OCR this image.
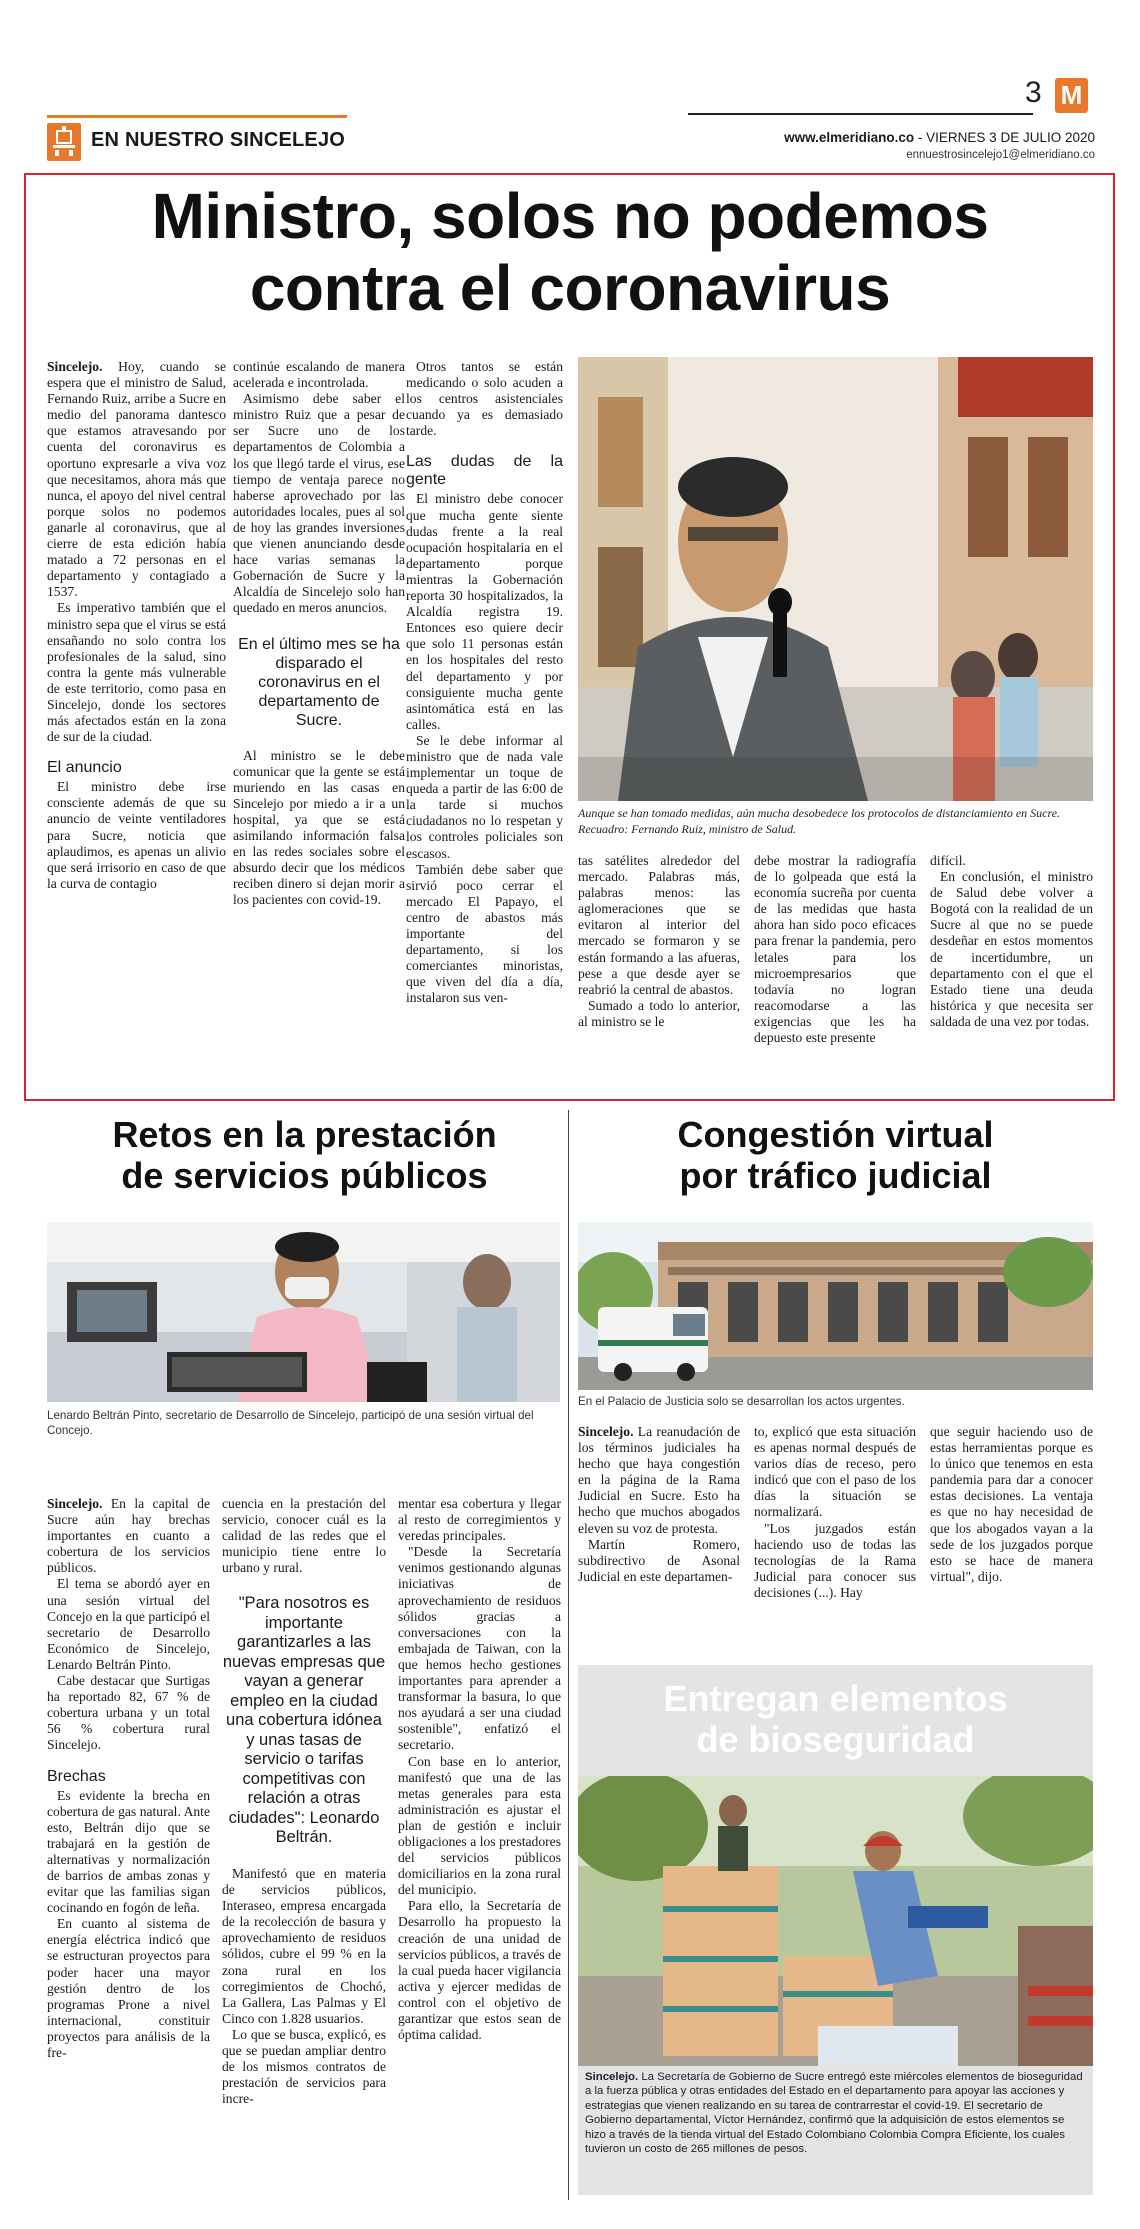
EN NUESTRO SINCELEJO
3 M
www.elmeridiano.co - VIERNES 3 DE JULIO 2020
ennuestrosincelejo1@elmeridiano.co
Ministro, solos no podemos
contra el coronavirus
Aunque se han tomado medidas, aún mucha desobedece los protocolos de distanciamiento en Sucre. Recuadro: Fernando Ruiz, ministro de Salud.

Sincelejo. Hoy, cuando se espera que el ministro de Salud, Fernando Ruiz, arribe a Sucre en medio del panorama dantesco que estamos atravesando por cuenta del coronavirus es oportuno expresarle a viva voz que necesitamos, ahora más que nunca, el apoyo del nivel central porque solos no podemos ganarle al coronavirus, que al cierre de esta edición había matado a 72 personas en el departamento y contagiado a 1537.

Es imperativo también que el ministro sepa que el virus se está ensañando no solo contra los profesionales de la salud, sino contra la gente más vulnerable de este territorio, como pasa en Sincelejo, donde los sectores más afectados están en la zona de sur de la ciudad.

El anuncio

El ministro debe irse consciente además de que su anuncio de veinte ventiladores para Sucre, noticia que aplaudimos, es apenas un alivio que será irrisorio en caso de que la curva de contagio

continúe escalando de manera acelerada e incontrolada.

Asimismo debe saber el ministro Ruiz que a pesar de ser Sucre uno de los departamentos de Colombia a los que llegó tarde el virus, ese tiempo de ventaja parece no haberse aprovechado por las autoridades locales, pues al sol de hoy las grandes inversiones que vienen anunciando desde hace varias semanas la Gobernación de Sucre y la Alcaldía de Sincelejo solo han quedado en meros anuncios.

En el último mes se ha disparado el coronavirus en el departamento de Sucre.

Al ministro se le debe comunicar que la gente se está muriendo en las casas en Sincelejo por miedo a ir a un hospital, ya que se está asimilando información falsa en las redes sociales sobre el absurdo decir que los médicos reciben dinero si dejan morir a los pacientes con covid-19.

Otros tantos se están medicando o solo acuden a los centros asistenciales cuando ya es demasiado tarde.

Las dudas de la gente

El ministro debe conocer que mucha gente siente dudas frente a la real ocupación hospitalaria en el departamento porque mientras la Gobernación reporta 30 hospitalizados, la Alcaldía registra 19. Entonces eso quiere decir que solo 11 personas están en los hospitales del resto del departamento y por consiguiente mucha gente asintomática está en las calles.

Se le debe informar al ministro que de nada vale implementar un toque de queda a partir de las 6:00 de la tarde si muchos ciudadanos no lo respetan y los controles policiales son escasos.

También debe saber que sirvió poco cerrar el mercado El Papayo, el centro de abastos más importante del departamento, si los comerciantes minoristas, que viven del día a día, instalaron sus ven-

tas satélites alrededor del mercado. Palabras más, palabras menos: las aglomeraciones que se evitaron al interior del mercado se formaron y se están formando a las afueras, pese a que desde ayer se reabrió la central de abastos.

Sumado a todo lo anterior, al ministro se le

debe mostrar la radiografía de lo golpeada que está la economía sucreña por cuenta de las medidas que hasta ahora han sido poco eficaces para frenar la pandemia, pero letales para los microempresarios que todavía no logran reacomodarse a las exigencias que les ha depuesto este presente

difícil.

En conclusión, el ministro de Salud debe volver a Bogotá con la realidad de un Sucre al que no se puede desdeñar en estos momentos de incertidumbre, un departamento con el que el Estado tiene una deuda histórica y que necesita ser saldada de una vez por todas.

Retos en la prestación
de servicios públicos
Lenardo Beltrán Pinto, secretario de Desarrollo de Sincelejo, participó de una sesión virtual del Concejo.

Sincelejo. En la capital de Sucre aún hay brechas importantes en cuanto a cobertura de los servicios públicos.

El tema se abordó ayer en una sesión virtual del Concejo en la que participó el secretario de Desarrollo Económico de Sincelejo, Lenardo Beltrán Pinto.

Cabe destacar que Surtigas ha reportado 82, 67 % de cobertura urbana y un total 56 % cobertura rural Sincelejo.

Brechas

Es evidente la brecha en cobertura de gas natural. Ante esto, Beltrán dijo que se trabajará en la gestión de alternativas y normalización de barrios de ambas zonas y evitar que las familias sigan cocinando en fogón de leña.

En cuanto al sistema de energía eléctrica indicó que se estructuran proyectos para poder hacer una mayor gestión dentro de los programas Prone a nivel internacional, constituir proyectos para análisis de la fre-

cuencia en la prestación del servicio, conocer cuál es la calidad de las redes que el municipio tiene entre lo urbano y rural.

"Para nosotros es importante garantizarles a las nuevas empresas que vayan a generar empleo en la ciudad una cobertura idónea y unas tasas de servicio o tarifas competitivas con relación a otras ciudades": Leonardo Beltrán.

Manifestó que en materia de servicios públicos, Interaseo, empresa encargada de la recolección de basura y aprovechamiento de residuos sólidos, cubre el 99 % en la zona rural en los corregimientos de Chochó, La Gallera, Las Palmas y El Cinco con 1.828 usuarios.

Lo que se busca, explicó, es que se puedan ampliar dentro de los mismos contratos de prestación de servicios para incre-

mentar esa cobertura y llegar al resto de corregimientos y veredas principales.

"Desde la Secretaría venimos gestionando algunas iniciativas de aprovechamiento de residuos sólidos gracias a conversaciones con la embajada de Taiwan, con la que hemos hecho gestiones importantes para aprender a transformar la basura, lo que nos ayudará a ser una ciudad sostenible", enfatizó el secretario.

Con base en lo anterior, manifestó que una de las metas generales para esta administración es ajustar el plan de gestión e incluir obligaciones a los prestadores del servicios públicos domiciliarios en la zona rural del municipio.

Para ello, la Secretaría de Desarrollo ha propuesto la creación de una unidad de servicios públicos, a través de la cual pueda hacer vigilancia activa y ejercer medidas de control con el objetivo de garantizar que estos sean de óptima calidad.

Congestión virtual
por tráfico judicial
En el Palacio de Justicia solo se desarrollan los actos urgentes.

Sincelejo. La reanudación de los términos judiciales ha hecho que haya congestión en la página de la Rama Judicial en Sucre. Esto ha hecho que muchos abogados eleven su voz de protesta.

Martín Romero, subdirectivo de Asonal Judicial en este departamen-

to, explicó que esta situación es apenas normal después de varios días de receso, pero indicó que con el paso de los días la situación se normalizará.

"Los juzgados están haciendo uso de todas las tecnologías de la Rama Judicial para conocer sus decisiones (...). Hay

que seguir haciendo uso de estas herramientas porque es lo único que tenemos en esta pandemia para dar a conocer estas decisiones. La ventaja es que no hay necesidad de que los abogados vayan a la sede de los juzgados porque esto se hace de manera virtual", dijo.

Entregan elementos
de bioseguridad
Sincelejo. La Secretaría de Gobierno de Sucre entregó este miércoles elementos de bioseguridad a la fuerza pública y otras entidades del Estado en el departamento para apoyar las acciones y estrategias que vienen realizando en su tarea de contrarrestar el covid-19. El secretario de Gobierno departamental, Víctor Hernández, confirmó que la adquisición de estos elementos se hizo a través de la tienda virtual del Estado Colombiano Colombia Compra Eficiente, los cuales tuvieron un costo de 265 millones de pesos.
